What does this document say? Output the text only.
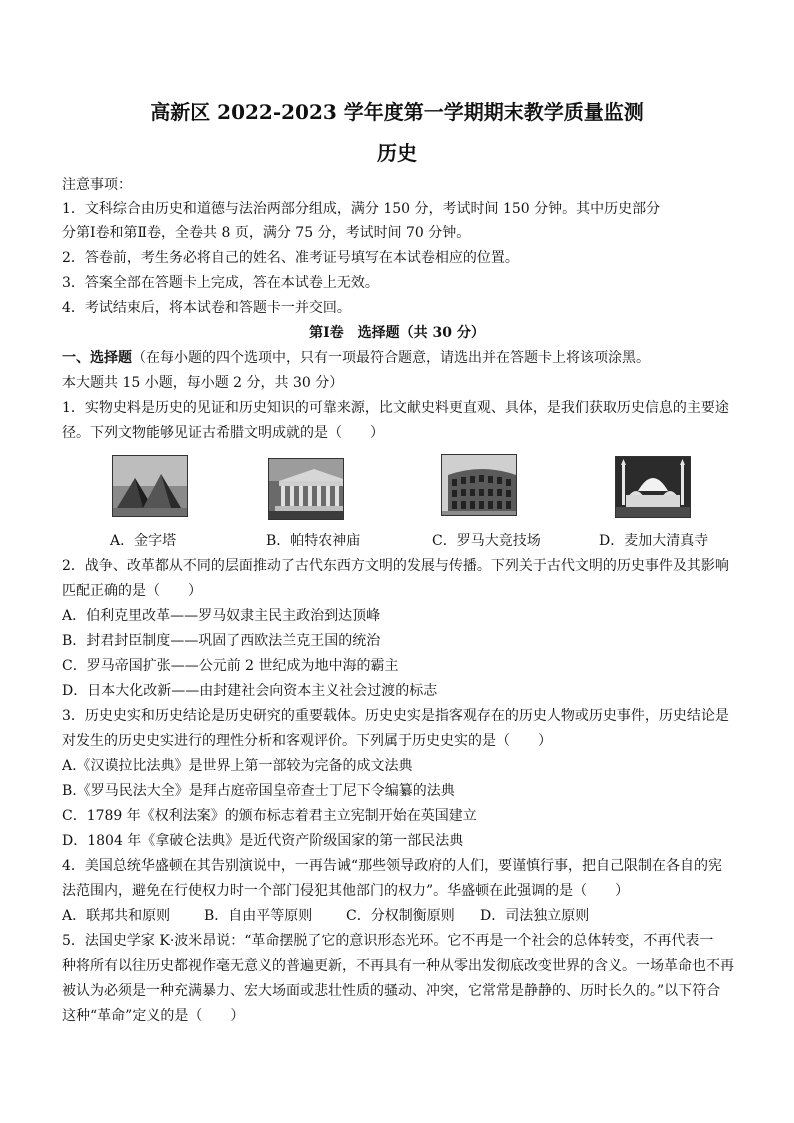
高新区 2022-2023 学年度第一学期期末教学质量监测
历史
注意事项：
1．文科综合由历史和道德与法治两部分组成，满分 150 分，考试时间 150 分钟。其中历史部分
分第Ⅰ卷和第Ⅱ卷，全卷共 8 页，满分 75 分，考试时间 70 分钟。
2．答卷前，考生务必将自己的姓名、准考证号填写在本试卷相应的位置。
3．答案全部在答题卡上完成，答在本试卷上无效。
4．考试结束后，将本试卷和答题卡一并交回。
第Ⅰ卷　选择题（共 30 分）
一、选择题（在每小题的四个选项中，只有一项最符合题意，请选出并在答题卡上将该项涂黑。
本大题共 15 小题，每小题 2 分，共 30 分）
1．实物史料是历史的见证和历史知识的可靠来源，比文献史料更直观、具体，是我们获取历史信息的主要途
径。下列文物能够见证古希腊文明成就的是（　　）
A．金字塔	B．帕特农神庙	C．罗马大竞技场	D．麦加大清真寺
2．战争、改革都从不同的层面推动了古代东西方文明的发展与传播。下列关于古代文明的历史事件及其影响
匹配正确的是（　　）
A．伯利克里改革——罗马奴隶主民主政治到达顶峰
B．封君封臣制度——巩固了西欧法兰克王国的统治
C．罗马帝国扩张——公元前 2 世纪成为地中海的霸主
D．日本大化改新——由封建社会向资本主义社会过渡的标志
3．历史史实和历史结论是历史研究的重要载体。历史史实是指客观存在的历史人物或历史事件，历史结论是
对发生的历史史实进行的理性分析和客观评价。下列属于历史史实的是（　　）
A.《汉谟拉比法典》是世界上第一部较为完备的成文法典
B.《罗马民法大全》是拜占庭帝国皇帝查士丁尼下令编纂的法典
C．1789 年《权利法案》的颁布标志着君主立宪制开始在英国建立
D．1804 年《拿破仑法典》是近代资产阶级国家的第一部民法典
4．美国总统华盛顿在其告别演说中，一再告诫“那些领导政府的人们，要谨慎行事，把自己限制在各自的宪
法范围内，避免在行使权力时一个部门侵犯其他部门的权力”。华盛顿在此强调的是（　　）
A．联邦共和原则 B．自由平等原则 C．分权制衡原则 D．司法独立原则
5．法国史学家 K·波米昂说：“革命摆脱了它的意识形态光环。它不再是一个社会的总体转变，不再代表一
种将所有以往历史都视作毫无意义的普遍更新，不再具有一种从零出发彻底改变世界的含义。一场革命也不再
被认为必须是一种充满暴力、宏大场面或悲壮性质的骚动、冲突，它常常是静静的、历时长久的。”以下符合
这种“革命”定义的是（　　）
